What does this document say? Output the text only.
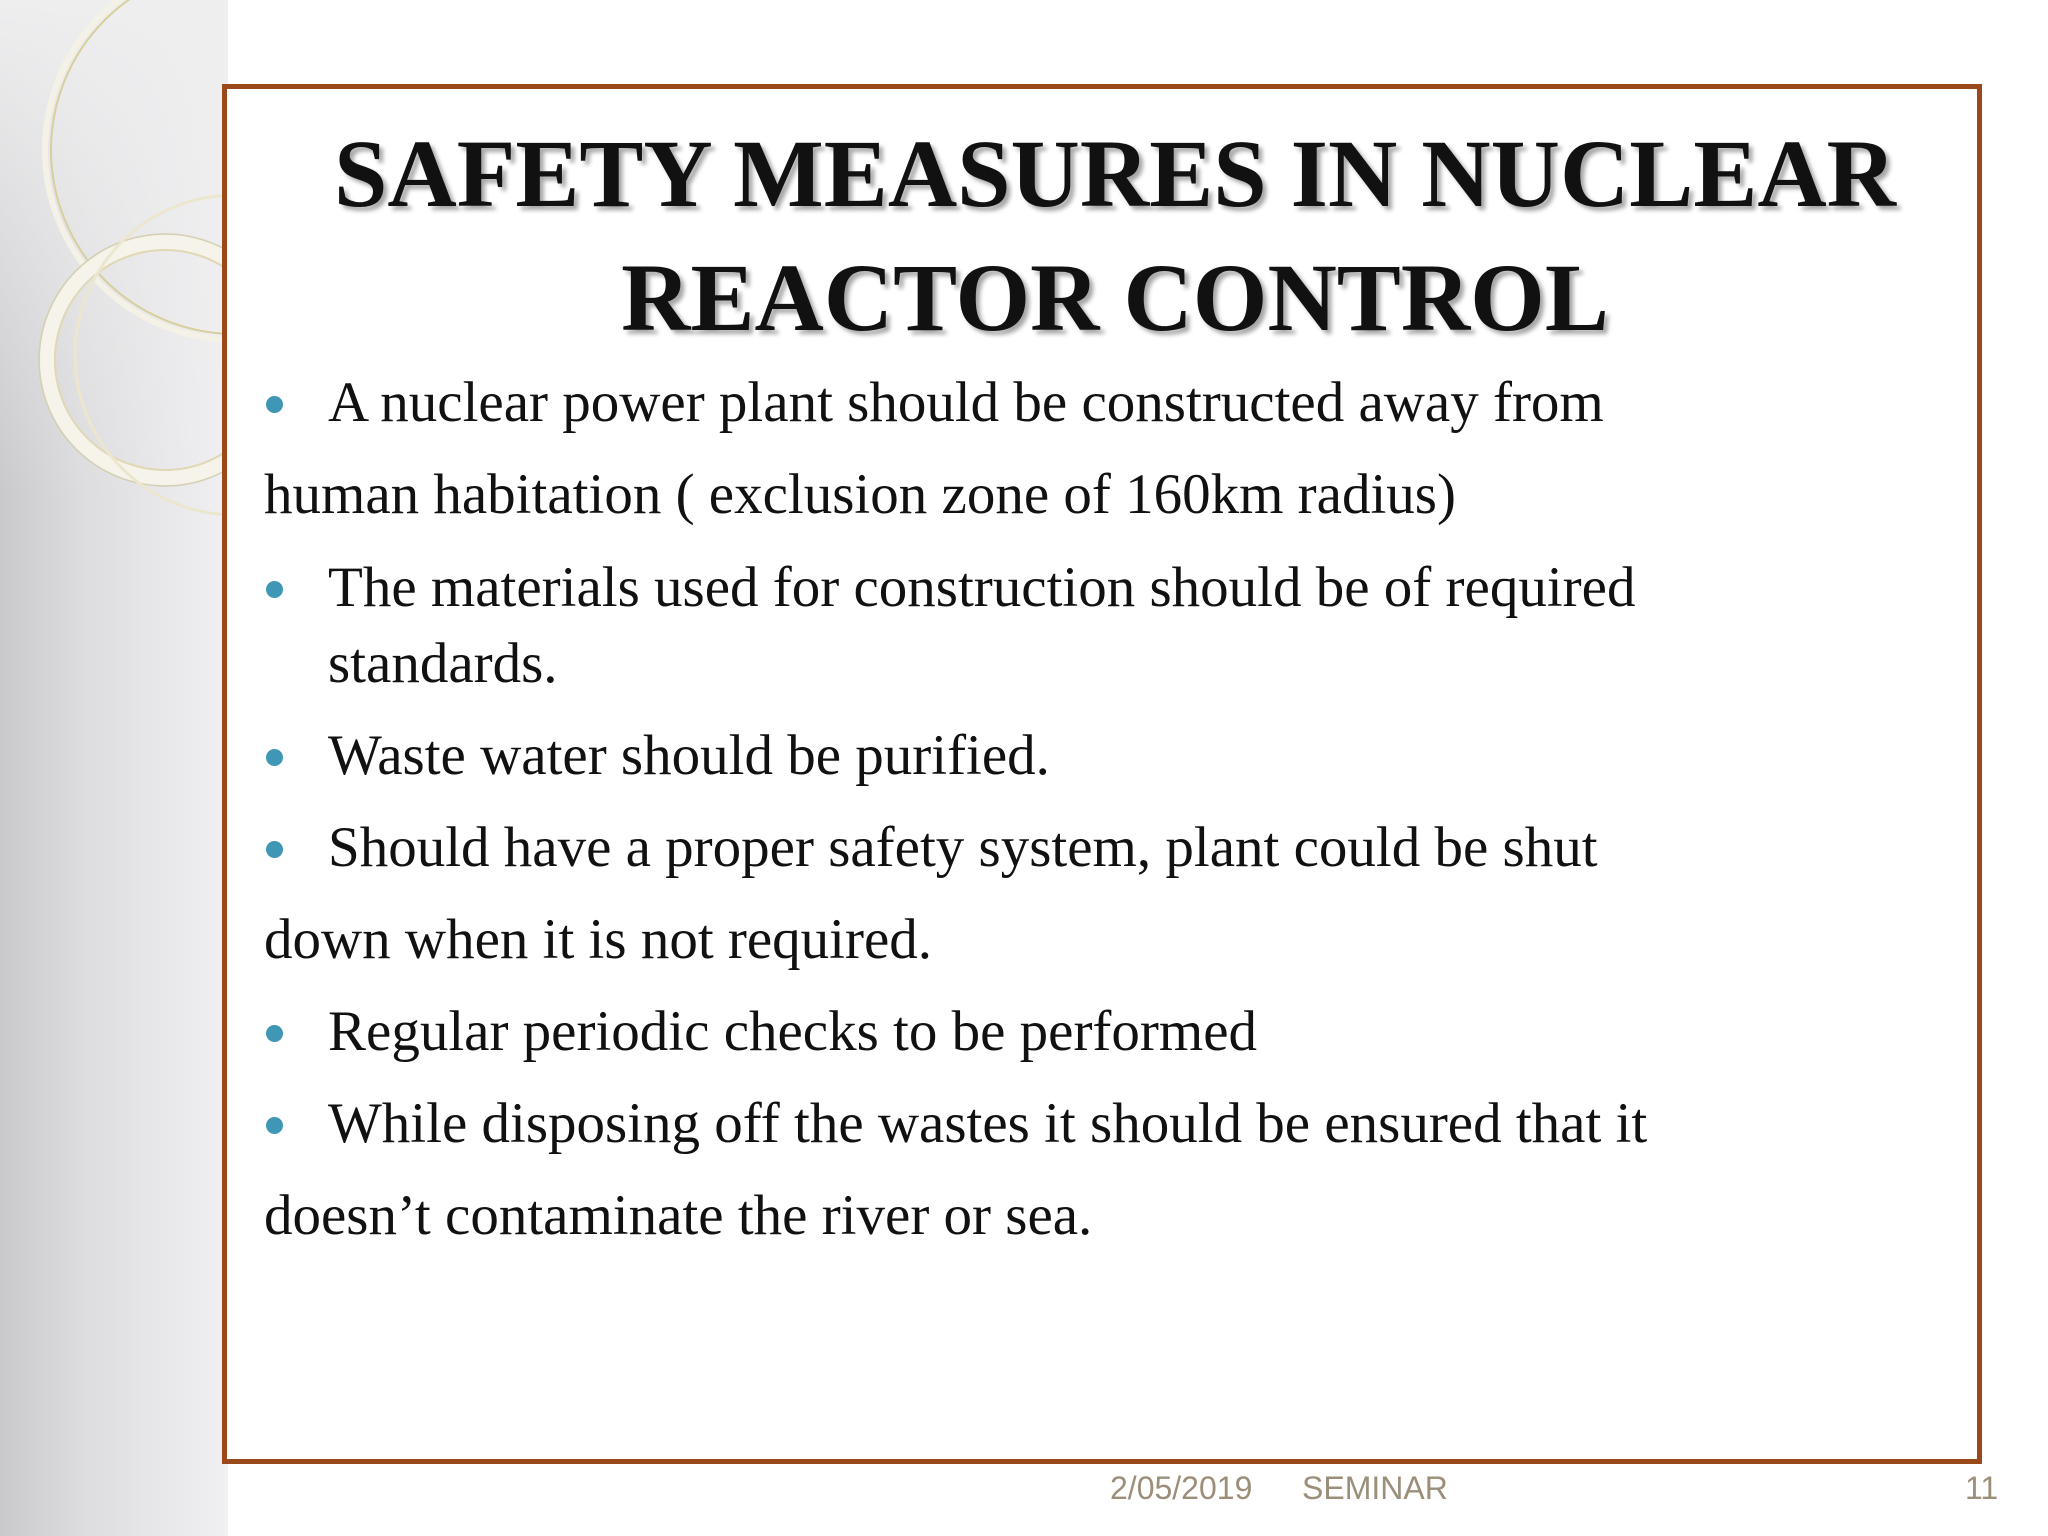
SAFETY MEASURES IN NUCLEAR
REACTOR CONTROL
A nuclear power plant should be constructed away from
human habitation ( exclusion zone of 160km radius)
The materials used for construction should be of required
standards.
Waste water should be purified.
Should have a proper safety system, plant could be shut
down when it is not required.
Regular periodic checks to be performed
While disposing off the wastes it should be ensured that it
doesn’t contaminate the river or sea.
2/05/2019 SEMINAR	11
